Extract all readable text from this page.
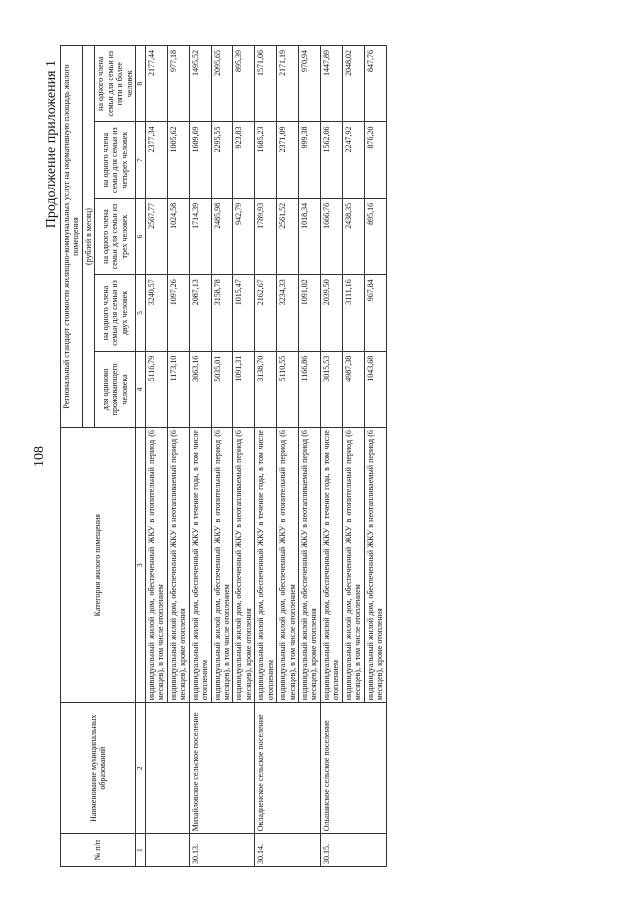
108
Продолжение приложения 1
№ п/п	Наименование муниципальных образований	Категория жилого помещения	Региональный стандарт стоимости жилищно-коммунальных услуг на нормативную площадь жилого помещения				
			(рублей в месяц)				
			для одиноко проживающего человека	на одного члена семьи для семьи из двух человек	на одного члена семьи для семьи из трех человек	на одного члена семьи для семьи из четырех человек	на одного члена семьи для семьи из пяти и более человек
1	2	3	4	5	6	7	8
		индивидуальный жилой дом, обеспеченный ЖКУ в отопительный период (6 месяцев), в том числе отоплением	5116,79	3240,57	2567,77	2377,34	2177,44
		индивидуальный жилой дом, обеспеченный ЖКУ в неотапливаемый период (6 месяцев), кроме отопления	1173,10	1097,26	1024,58	1005,62	977,18
30.13.	Михайловское сельское поселение	индивидуальный жилой дом, обеспеченный ЖКУ в течение года, в том числе отоплением	3063,16	2087,13	1714,39	1609,69	1495,52
		индивидуальный жилой дом, обеспеченный ЖКУ в отопительный период (6 месяцев), в том числе отоплением	5035,01	3158,78	2485,98	2295,55	2095,65
		индивидуальный жилой дом, обеспеченный ЖКУ в неотапливаемый период (6 месяцев), кроме отопления	1091,31	1015,47	942,79	923,83	895,39
30.14.	Окладненское сельское поселение	индивидуальный жилой дом, обеспеченный ЖКУ в течение года, в том числе отоплением	3138,70	2162,67	1789,93	1685,23	1571,06
		индивидуальный жилой дом, обеспеченный ЖКУ в отопительный период (6 месяцев), в том числе отоплением	5110,55	3234,33	2561,52	2371,09	2171,19
		индивидуальный жилой дом, обеспеченный ЖКУ в неотапливаемый период (6 месяцев), кроме отопления	1166,86	1091,02	1018,34	999,38	970,94
30.15.	Ольшанское сельское поселение	индивидуальный жилой дом, обеспеченный ЖКУ в течение года, в том числе отоплением	3015,53	2039,50	1666,76	1562,06	1447,89
		индивидуальный жилой дом, обеспеченный ЖКУ в отопительный период (6 месяцев), в том числе отоплением	4987,38	3111,16	2438,35	2247,92	2048,02
		индивидуальный жилой дом, обеспеченный ЖКУ в неотапливаемый период (6 месяцев), кроме отопления	1043,68	967,84	895,16	876,20	847,76
